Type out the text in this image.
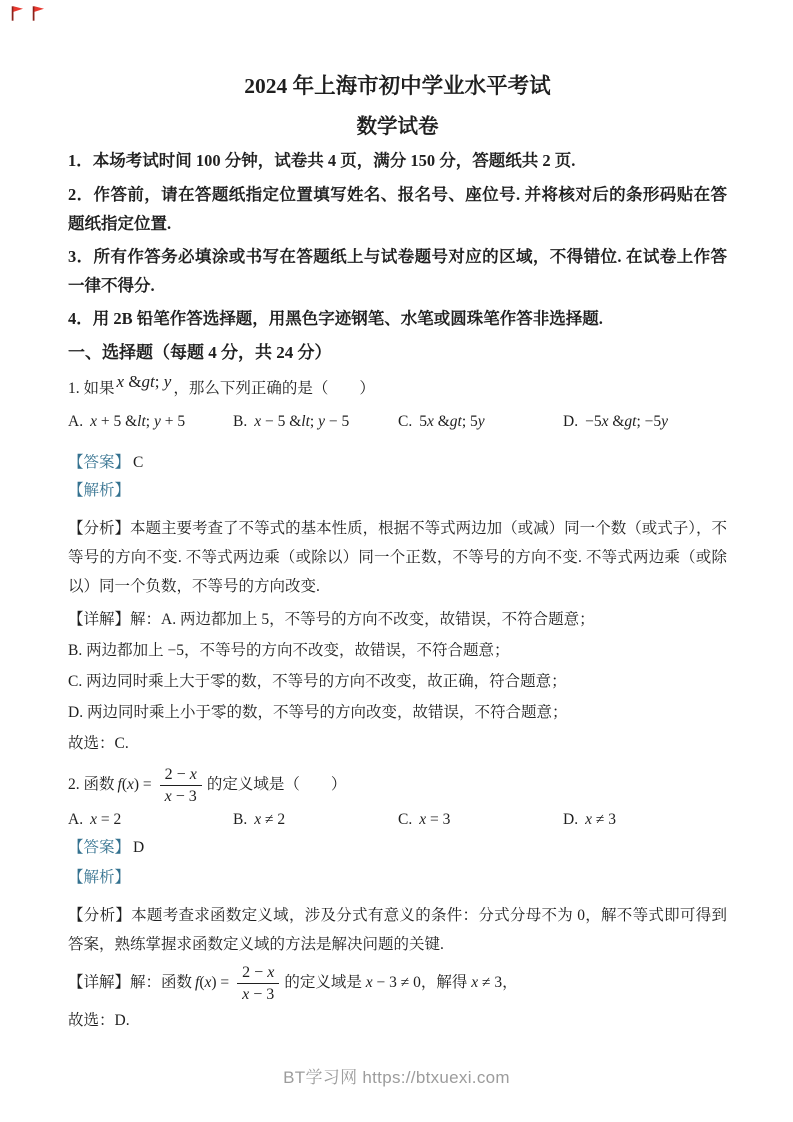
2024 年上海市初中学业水平考试
数学试卷

1．本场考试时间 100 分钟，试卷共 4 页，满分 150 分，答题纸共 2 页.

2．作答前，请在答题纸指定位置填写姓名、报名号、座位号. 并将核对后的条形码贴在答题纸指定位置.

3．所有作答务必填涂或书写在答题纸上与试卷题号对应的区域，不得错位. 在试卷上作答一律不得分.

4．用 2B 铅笔作答选择题，用黑色字迹钢笔、水笔或圆珠笔作答非选择题.

一、选择题（每题 4 分，共 24 分）

1. 如果 x &gt; y ，那么下列正确的是（　　）

A. x + 5 &lt; y + 5	B. x − 5 &lt; y − 5	C. 5x &gt; 5y	D. −5x &gt; −5y

【答案】 C

【解析】

【分析】本题主要考查了不等式的基本性质，根据不等式两边加（或减）同一个数（或式子），不等号的方向不变. 不等式两边乘（或除以）同一个正数，不等号的方向不变. 不等式两边乘（或除以）同一个负数，不等号的方向改变.

【详解】解：A. 两边都加上 5，不等号的方向不改变，故错误，不符合题意；

B. 两边都加上 −5，不等号的方向不改变，故错误，不符合题意；

C. 两边同时乘上大于零的数，不等号的方向不改变，故正确，符合题意；

D. 两边同时乘上小于零的数，不等号的方向改变，故错误，不符合题意；

故选：C.

2. 函数 $f(x) = \frac{2 - x}{x - 3}$ 的定义域是（　　）

A. x = 2	B. x ≠ 2	C. x = 3	D. x ≠ 3

【答案】 D

【解析】

【分析】本题考查求函数定义域，涉及分式有意义的条件：分式分母不为 0，解不等式即可得到答案，熟练掌握求函数定义域的方法是解决问题的关键.

【详解】解：函数 $f(x) = \frac{2 - x}{x - 3}$ 的定义域是 x − 3 ≠ 0，解得 x ≠ 3，

故选：D.

BT学习网 https://btxuexi.com
